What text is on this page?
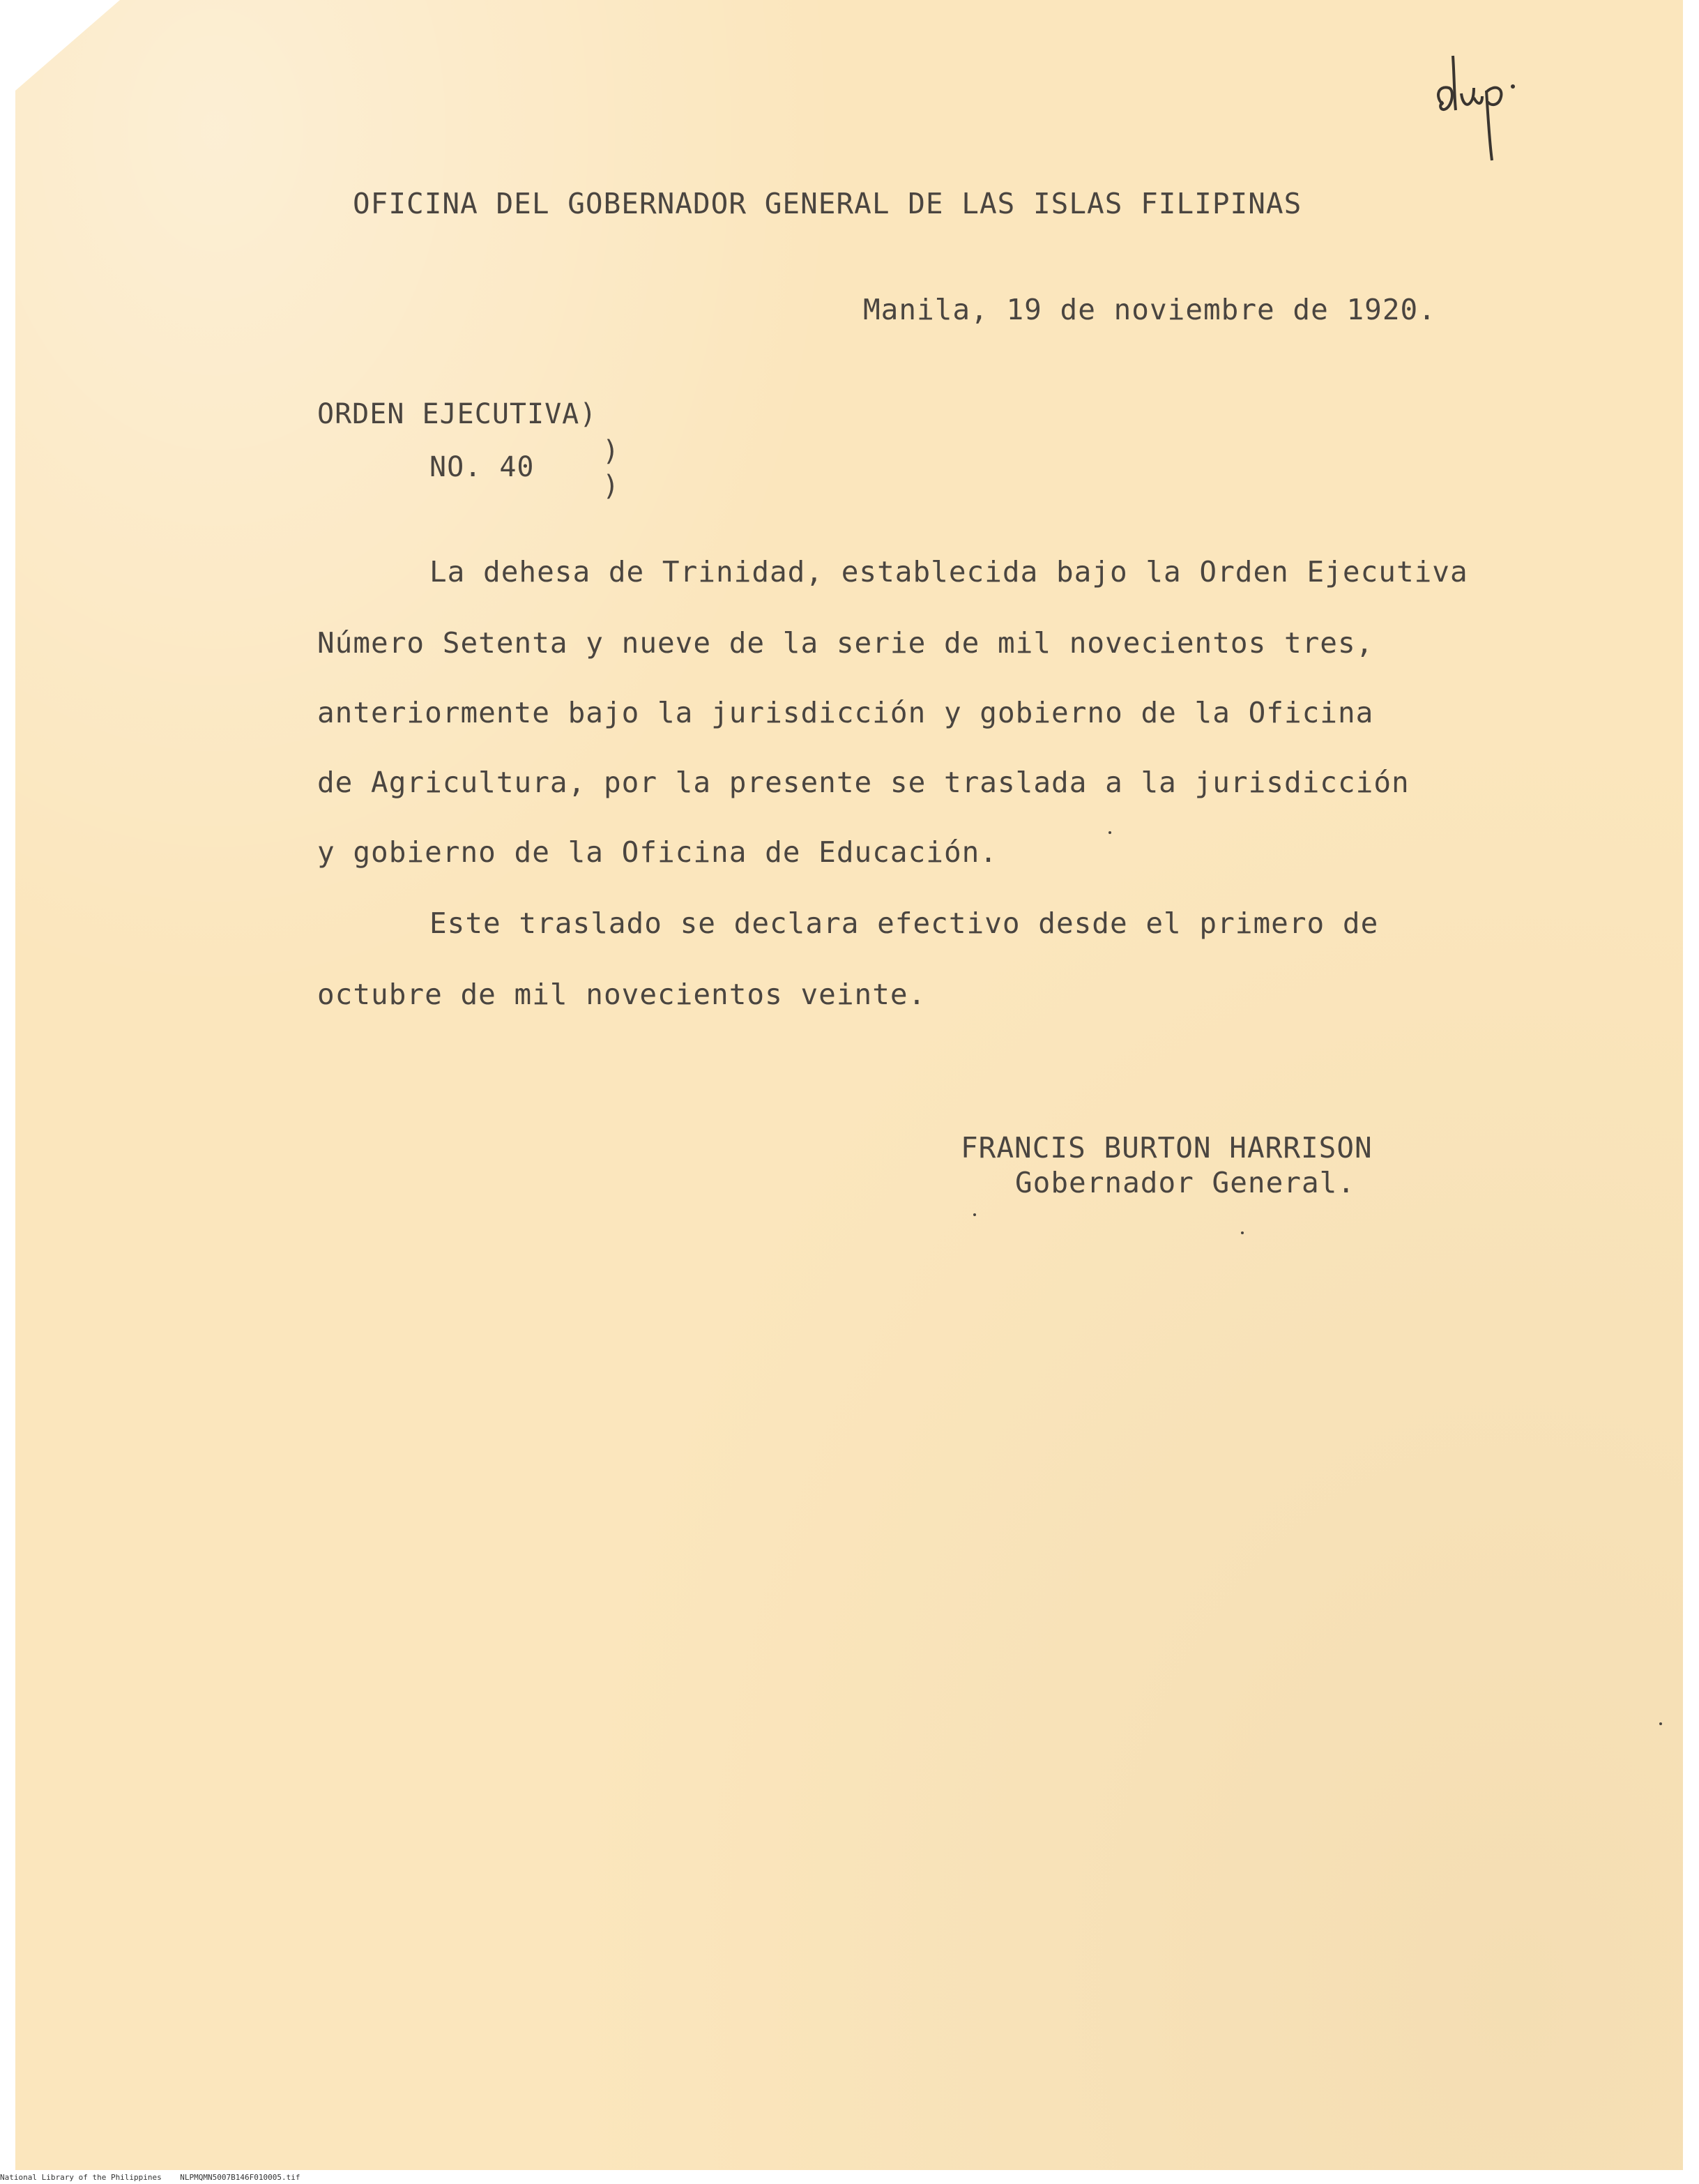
OFICINA DEL GOBERNADOR GENERAL DE LAS ISLAS FILIPINAS
Manila, 19 de noviembre de 1920.
ORDEN EJECUTIVA)
NO. 40 )
)
La dehesa de Trinidad, establecida bajo la Orden Ejecutiva
Número Setenta y nueve de la serie de mil novecientos tres,
anteriormente bajo la jurisdicción y gobierno de la Oficina
de Agricultura, por la presente se traslada a la jurisdicción
y gobierno de la Oficina de Educación.
Este traslado se declara efectivo desde el primero de
octubre de mil novecientos veinte.
FRANCIS BURTON HARRISON
Gobernador General.
National Library of the Philippines NLPMQMN5007B146F010005.tif
